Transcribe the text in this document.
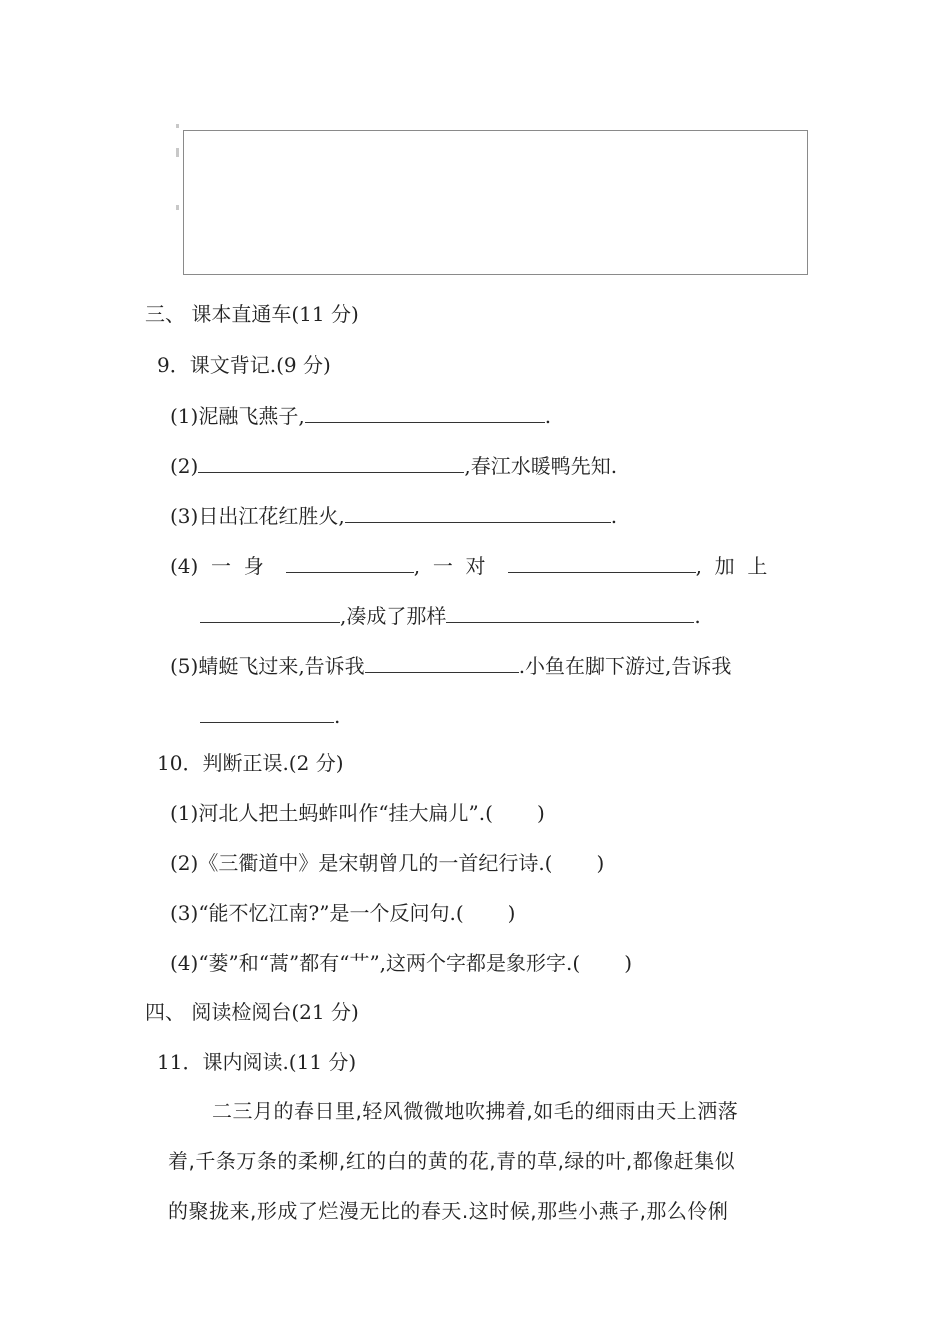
三、 课本直通车(11 分)
9．课文背记.(9 分)
(1)泥融飞燕子,	.
(2)	,春江水暖鸭先知.
(3)日出江花红胜火,	.
(4)  一  身	,  一  对	,  加  上
,凑成了那样	.
(5)蜻蜓飞过来,告诉我	.小鱼在脚下游过,告诉我
.
10．判断正误.(2 分)
(1)河北人把土蚂蚱叫作“挂大扁儿”.( )
(2)《三衢道中》是宋朝曾几的一首纪行诗.( )
(3)“能不忆江南?”是一个反问句.( )
(4)“蒌”和“蒿”都有“艹”,这两个字都是象形字.( )
四、 阅读检阅台(21 分)
11．课内阅读.(11 分)
二三月的春日里,轻风微微地吹拂着,如毛的细雨由天上洒落
着,千条万条的柔柳,红的白的黄的花,青的草,绿的叶,都像赶集似
的聚拢来,形成了烂漫无比的春天.这时候,那些小燕子,那么伶俐
